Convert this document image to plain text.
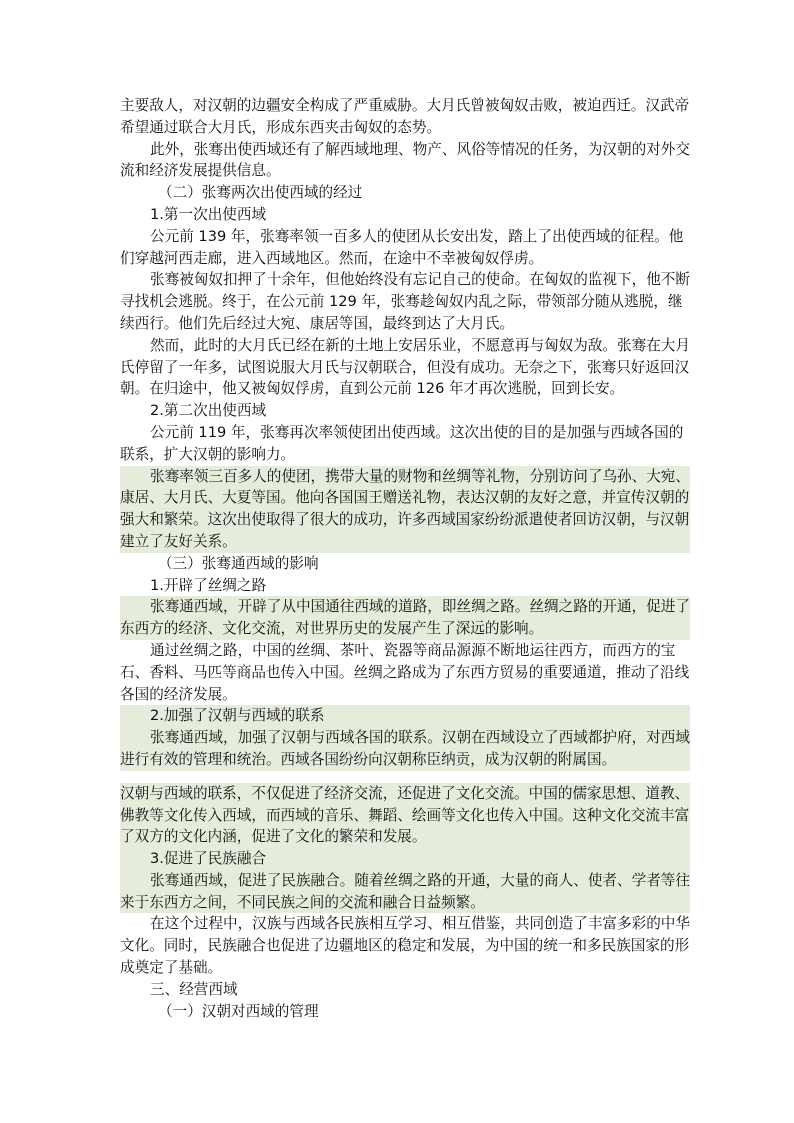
主要敌人，对汉朝的边疆安全构成了严重威胁。大月氏曾被匈奴击败，被迫西迁。汉武帝希望通过联合大月氏，形成东西夹击匈奴的态势。
此外，张骞出使西域还有了解西域地理、物产、风俗等情况的任务，为汉朝的对外交流和经济发展提供信息。
（二）张骞两次出使西域的经过
1.第一次出使西域
公元前 139 年，张骞率领一百多人的使团从长安出发，踏上了出使西域的征程。他们穿越河西走廊，进入西域地区。然而，在途中不幸被匈奴俘虏。
张骞被匈奴扣押了十余年，但他始终没有忘记自己的使命。在匈奴的监视下，他不断寻找机会逃脱。终于，在公元前 129 年，张骞趁匈奴内乱之际，带领部分随从逃脱，继续西行。他们先后经过大宛、康居等国，最终到达了大月氏。
然而，此时的大月氏已经在新的土地上安居乐业，不愿意再与匈奴为敌。张骞在大月氏停留了一年多，试图说服大月氏与汉朝联合，但没有成功。无奈之下，张骞只好返回汉朝。在归途中，他又被匈奴俘虏，直到公元前 126 年才再次逃脱，回到长安。
2.第二次出使西域
公元前 119 年，张骞再次率领使团出使西域。这次出使的目的是加强与西域各国的联系，扩大汉朝的影响力。
张骞率领三百多人的使团，携带大量的财物和丝绸等礼物，分别访问了乌孙、大宛、康居、大月氏、大夏等国。他向各国国王赠送礼物，表达汉朝的友好之意，并宣传汉朝的强大和繁荣。这次出使取得了很大的成功，许多西域国家纷纷派遣使者回访汉朝，与汉朝建立了友好关系。
（三）张骞通西域的影响
1.开辟了丝绸之路
张骞通西域，开辟了从中国通往西域的道路，即丝绸之路。丝绸之路的开通，促进了东西方的经济、文化交流，对世界历史的发展产生了深远的影响。
通过丝绸之路，中国的丝绸、茶叶、瓷器等商品源源不断地运往西方，而西方的宝石、香料、马匹等商品也传入中国。丝绸之路成为了东西方贸易的重要通道，推动了沿线各国的经济发展。
2.加强了汉朝与西域的联系
张骞通西域，加强了汉朝与西域各国的联系。汉朝在西域设立了西域都护府，对西域进行有效的管理和统治。西域各国纷纷向汉朝称臣纳贡，成为汉朝的附属国。
汉朝与西域的联系，不仅促进了经济交流，还促进了文化交流。中国的儒家思想、道教、佛教等文化传入西域，而西域的音乐、舞蹈、绘画等文化也传入中国。这种文化交流丰富了双方的文化内涵，促进了文化的繁荣和发展。
3.促进了民族融合
张骞通西域，促进了民族融合。随着丝绸之路的开通，大量的商人、使者、学者等往来于东西方之间，不同民族之间的交流和融合日益频繁。
在这个过程中，汉族与西域各民族相互学习、相互借鉴，共同创造了丰富多彩的中华文化。同时，民族融合也促进了边疆地区的稳定和发展，为中国的统一和多民族国家的形成奠定了基础。
三、经营西域
（一）汉朝对西域的管理
